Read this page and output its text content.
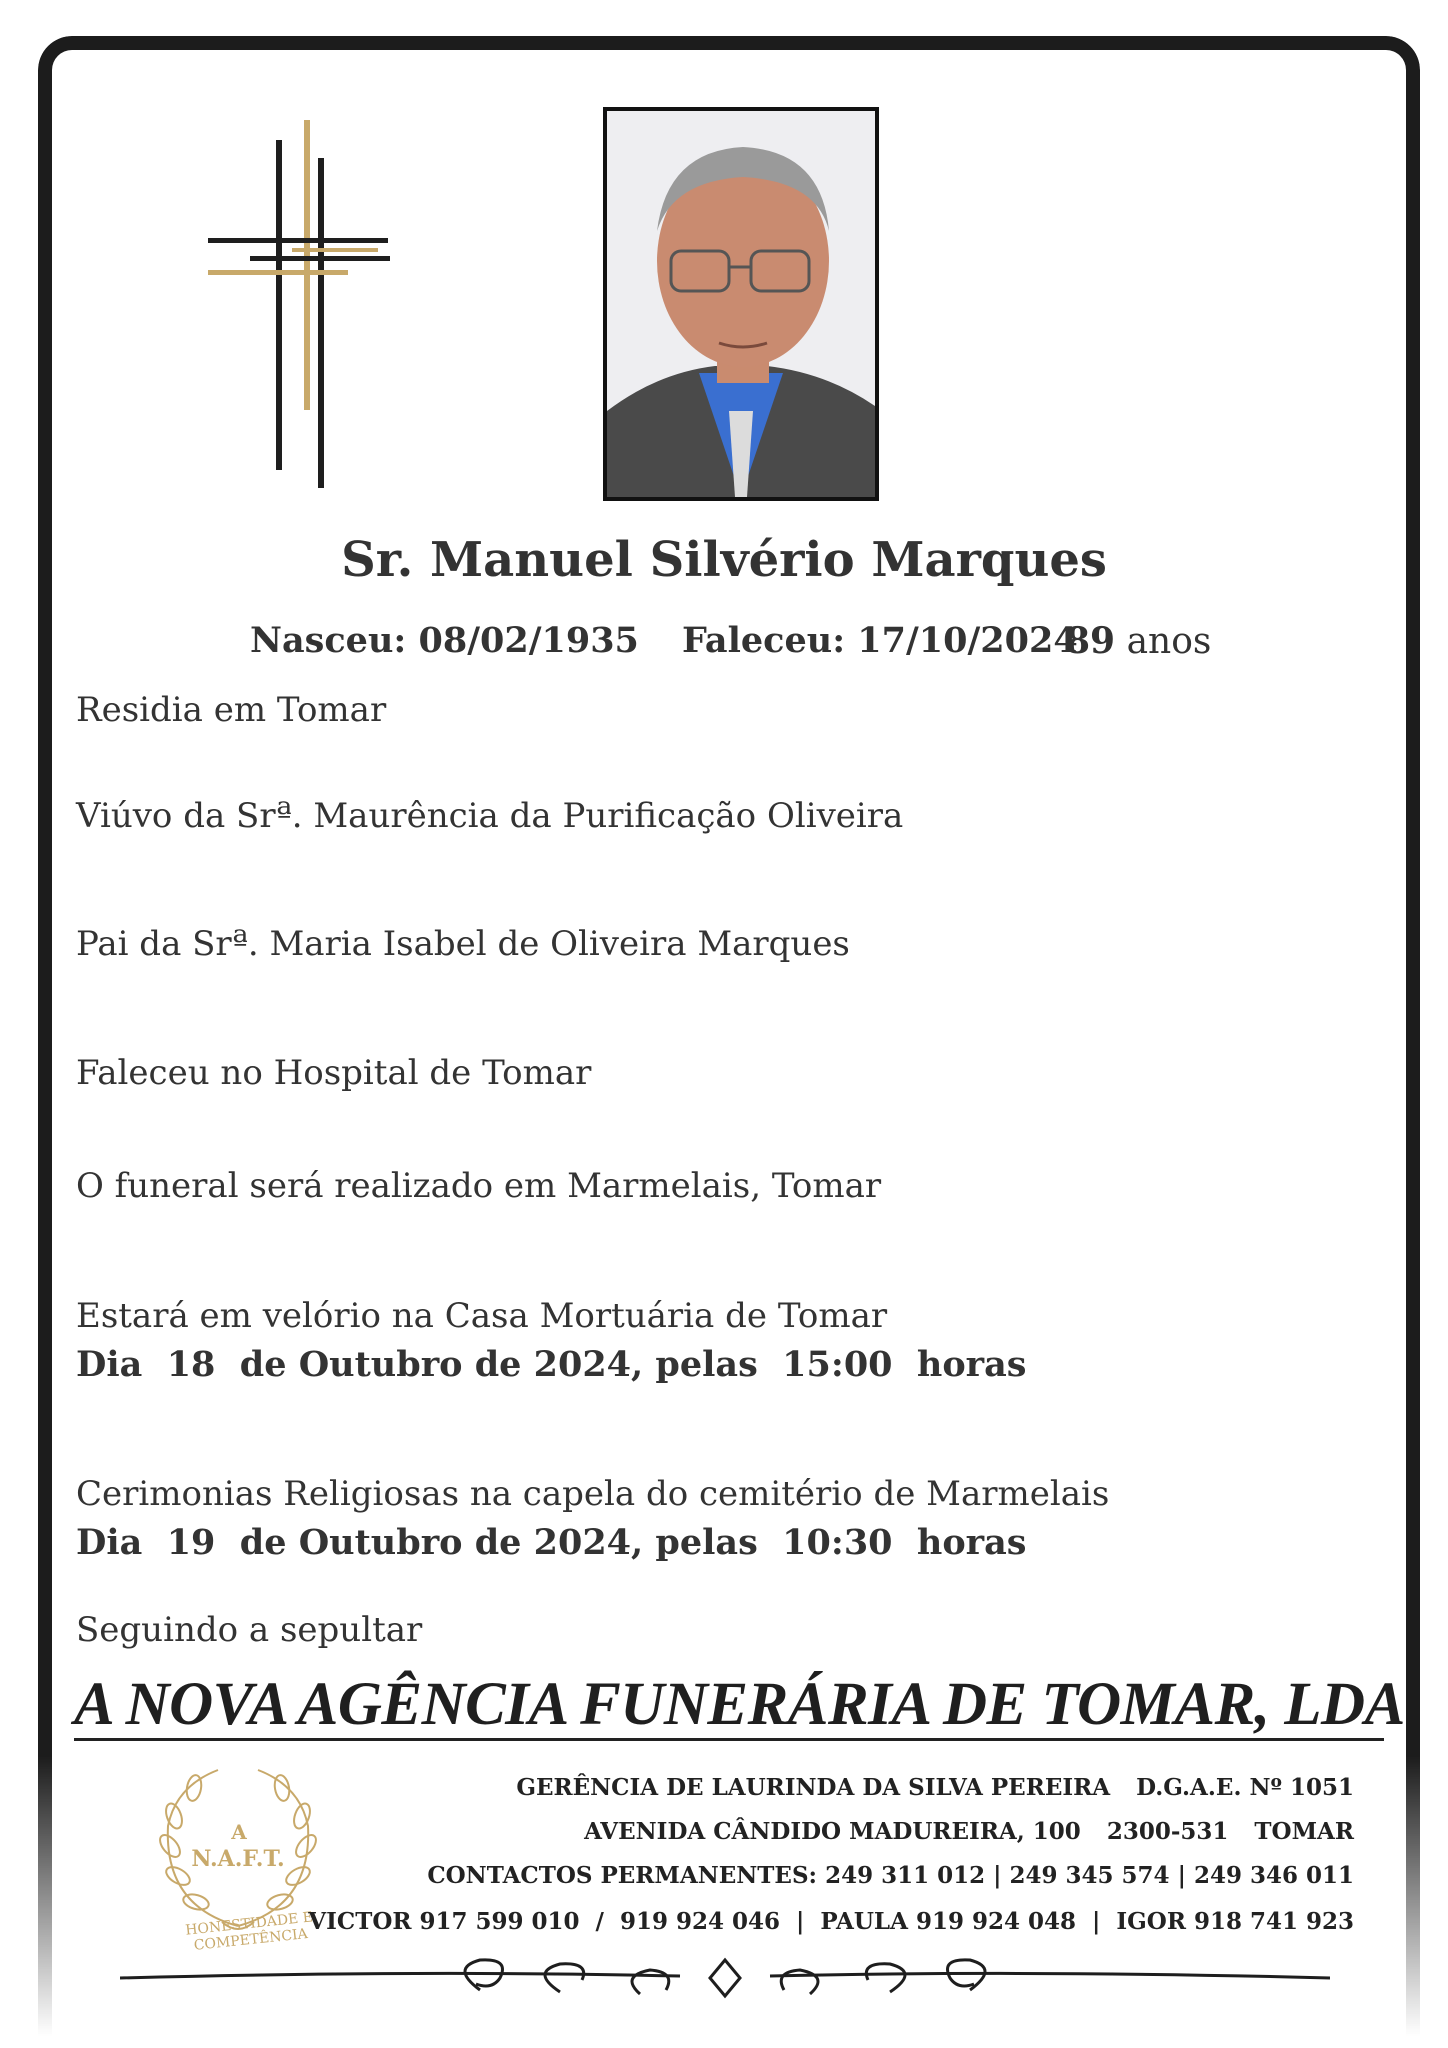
Sr. Manuel Silvério Marques
Nasceu: 08/02/1935 Faleceu: 17/10/2024
89 anos
Residia em Tomar
Viúvo da Srª. Maurência da Purificação Oliveira
Pai da Srª. Maria Isabel de Oliveira Marques
Faleceu no Hospital de Tomar
O funeral será realizado em Marmelais, Tomar
Estará em velório na Casa Mortuária de Tomar
Dia  18  de Outubro de 2024, pelas  15:00  horas
Cerimonias Religiosas na capela do cemitério de Marmelais
Dia  19  de Outubro de 2024, pelas  10:30  horas
Seguindo a sepultar
A NOVA AGÊNCIA FUNERÁRIA DE TOMAR, LDA
A
N.A.F.T.
HONESTIDADE E COMPETÊNCIA
GERÊNCIA DE LAURINDA DA SILVA PEREIRA D.G.A.E. Nº 1051
AVENIDA CÂNDIDO MADUREIRA, 100 2300-531 TOMAR
CONTACTOS PERMANENTES: 249 311 012 | 249 345 574 | 249 346 011
VICTOR 917 599 010  /  919 924 046  |  PAULA 919 924 048  |  IGOR 918 741 923
